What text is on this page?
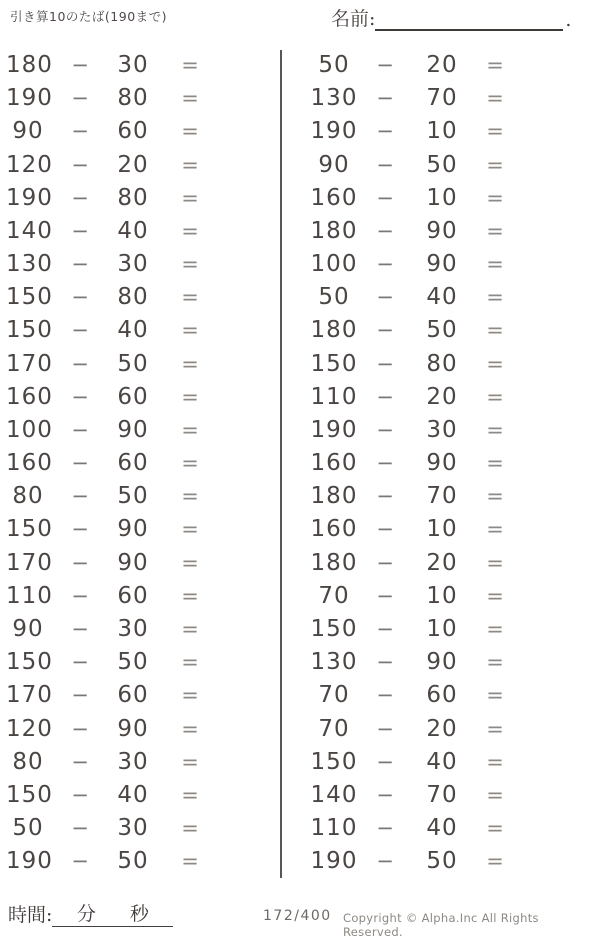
引き算10のたば(190まで)	名前:	.
180 −	30	=
190 −	80	=
90	−	60	=
120 −	20	=
190 −	80	=
140 −	40	=
130 −	30	=
150 −	80	=
150 −	40	=
170 −	50	=
160 −	60	=
100 −	90	=
160 −	60	=
80	−	50	=
150 −	90	=
170 −	90	=
110 −	60	=
90	−	30	=
150 −	50	=
170 −	60	=
120 −	90	=
80	−	30	=
150 −	40	=
50	−	30	=
190 −	50	=
50	−	20	=
130 −	70	=
190 −	10	=
90	−	50	=
160 −	10	=
180 −	90	=
100 −	90	=
50	−	40	=
180 −	50	=
150 −	80	=
110 −	20	=
190 −	30	=
160 −	90	=
180 −	70	=
160 −	10	=
180 −	20	=
70	−	10	=
150 −	10	=
130 −	90	=
70	−	60	=
70	−	20	=
150 −	40	=
140 −	70	=
110 −	40	=
190 −	50	=
時間: 分 秒	172/400 Copyright © Alpha.Inc All Rights Reserved.
